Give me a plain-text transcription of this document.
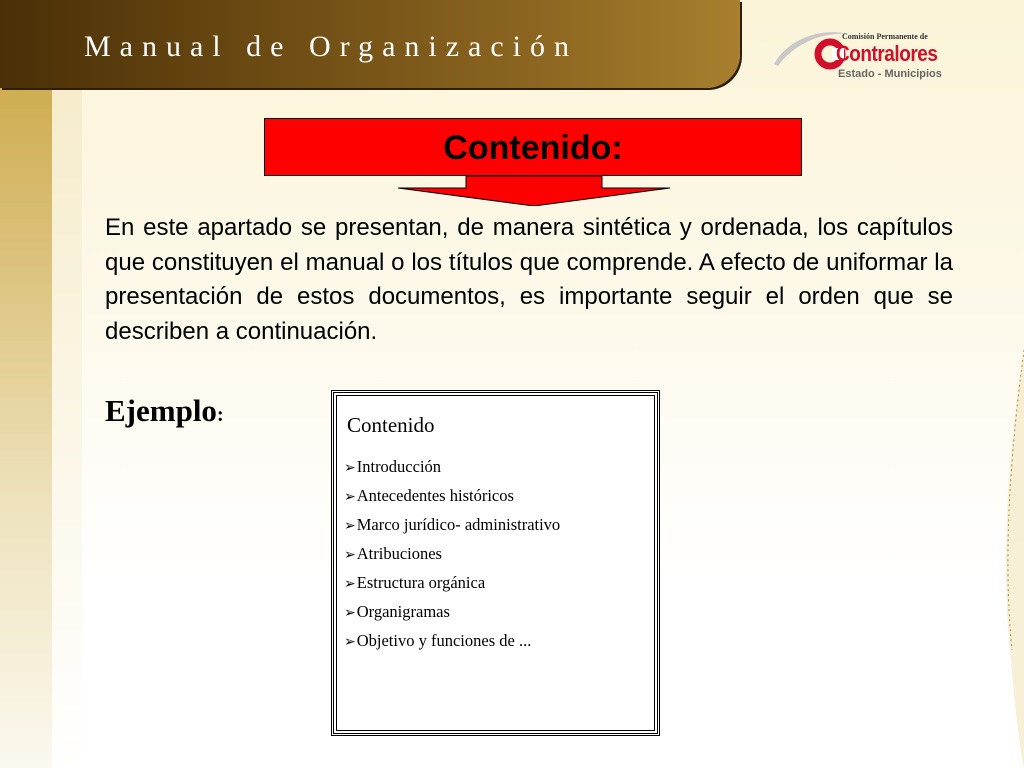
Manual de Organización	Comisión Permanente de
Contralores
Estado - Municipios
Contenido:

En este apartado se presentan, de manera sintética y ordenada, los capítulos que constituyen el manual o los títulos que comprende. A efecto de uniformar la presentación de estos documentos, es importante seguir el orden que se describen a continuación.

Ejemplo:	Contenido
➢Introducción
➢Antecedentes históricos
➢Marco jurídico- administrativo
➢Atribuciones
➢Estructura orgánica
➢Organigramas
➢Objetivo y funciones de ...
